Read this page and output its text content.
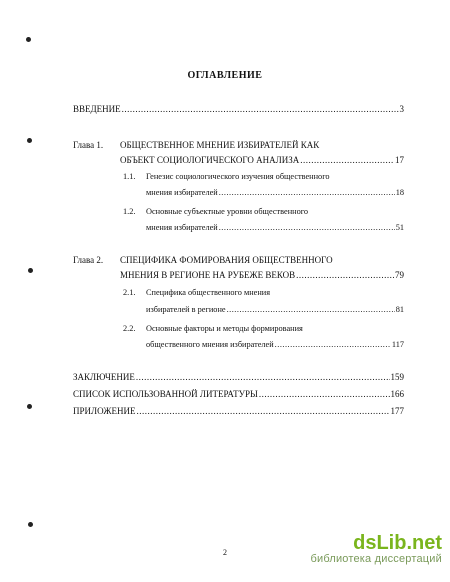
ОГЛАВЛЕНИЕ
ВВЕДЕНИЕ .....	3
Глава 1. ОБЩЕСТВЕННОЕ МНЕНИЕ ИЗБИРАТЕЛЕЙ КАК
ОБЪЕКТ СОЦИОЛОГИЧЕСКОГО АНАЛИЗА .....	17
1.1. Генезис социологического изучения общественного
мнения избирателей .....	18
1.2. Основные субъектные уровни общественного
мнения избирателей .....	51
Глава 2. СПЕЦИФИКА ФОМИРОВАНИЯ ОБЩЕСТВЕННОГО
МНЕНИЯ В РЕГИОНЕ НА РУБЕЖЕ ВЕКОВ .....	79
2.1. Специфика общественного мнения
избирателей в регионе .....	81
2.2. Основные факторы и методы формирования
общественного мнения избирателей .....	117
ЗАКЛЮЧЕНИЕ .....	159
СПИСОК ИСПОЛЬЗОВАННОЙ ЛИТЕРАТУРЫ .....	166
ПРИЛОЖЕНИЕ .....	177
2	dsLib.net
библиотека диссертаций
